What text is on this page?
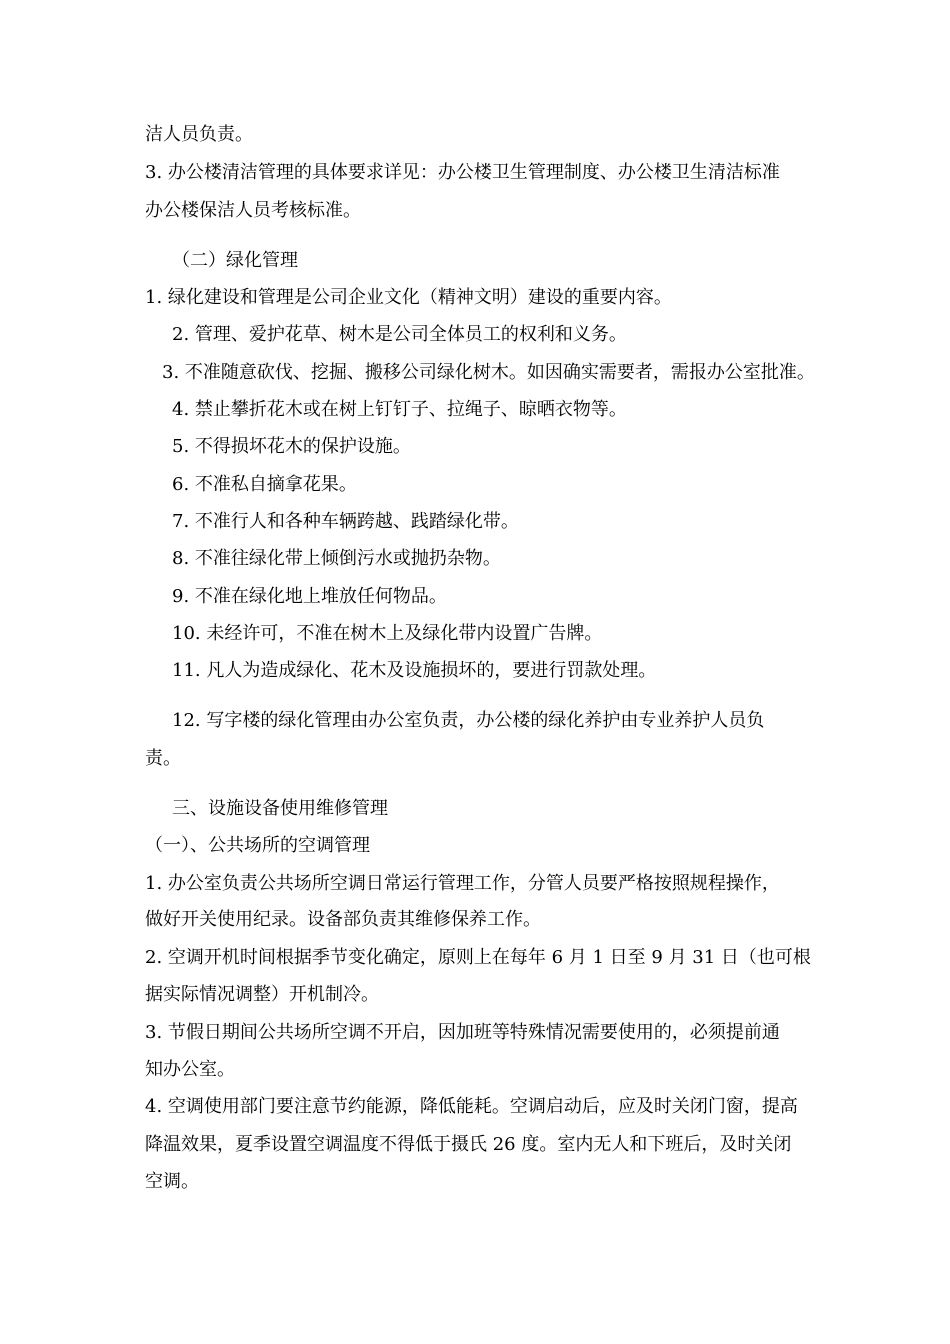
洁人员负责。
3. 办公楼清洁管理的具体要求详见：办公楼卫生管理制度、办公楼卫生清洁标准
办公楼保洁人员考核标准。
（二）绿化管理
1. 绿化建设和管理是公司企业文化（精神文明）建设的重要内容。
2. 管理、爱护花草、树木是公司全体员工的权利和义务。
3. 不准随意砍伐、挖掘、搬移公司绿化树木。如因确实需要者，需报办公室批准。
4. 禁止攀折花木或在树上钉钉子、拉绳子、晾晒衣物等。
5. 不得损坏花木的保护设施。
6. 不准私自摘拿花果。
7. 不准行人和各种车辆跨越、践踏绿化带。
8. 不准往绿化带上倾倒污水或抛扔杂物。
9. 不准在绿化地上堆放任何物品。
10. 未经许可，不准在树木上及绿化带内设置广告牌。
11. 凡人为造成绿化、花木及设施损坏的，要进行罚款处理。
12. 写字楼的绿化管理由办公室负责，办公楼的绿化养护由专业养护人员负
责。
三、设施设备使用维修管理
（一）、公共场所的空调管理
1. 办公室负责公共场所空调日常运行管理工作，分管人员要严格按照规程操作，
做好开关使用纪录。设备部负责其维修保养工作。
2. 空调开机时间根据季节变化确定，原则上在每年 6 月 1 日至 9 月 31 日（也可根
据实际情况调整）开机制冷。
3. 节假日期间公共场所空调不开启，因加班等特殊情况需要使用的，必须提前通
知办公室。
4. 空调使用部门要注意节约能源，降低能耗。空调启动后，应及时关闭门窗，提高
降温效果，夏季设置空调温度不得低于摄氏 26 度。室内无人和下班后，及时关闭
空调。
